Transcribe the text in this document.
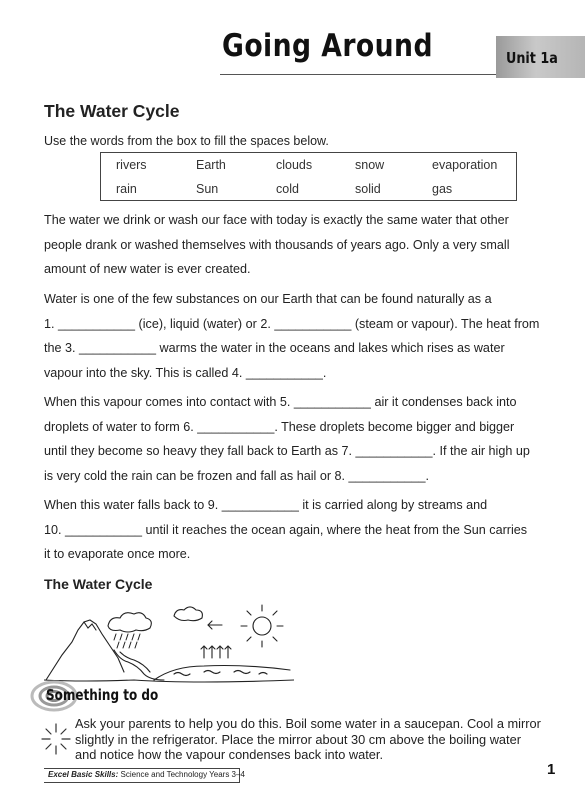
Going Around	Unit 1a
The Water Cycle
Use the words from the box to fill the spaces below.
rivers	Earth	clouds	snow	evaporation
rain	Sun	cold	solid	gas
The water we drink or wash our face with today is exactly the same water that other
people drank or washed themselves with thousands of years ago. Only a very small
amount of new water is ever created.
Water is one of the few substances on our Earth that can be found naturally as a
1. ___________ (ice), liquid (water) or 2. ___________ (steam or vapour). The heat from
the 3. ___________ warms the water in the oceans and lakes which rises as water
vapour into the sky. This is called 4. ___________.
When this vapour comes into contact with 5. ___________ air it condenses back into
droplets of water to form 6. ___________. These droplets become bigger and bigger
until they become so heavy they fall back to Earth as 7. ___________. If the air high up
is very cold the rain can be frozen and fall as hail or 8. ___________.
When this water falls back to 9. ___________ it is carried along by streams and
10. ___________ until it reaches the ocean again, where the heat from the Sun carries
it to evaporate once more.
The Water Cycle
Something to do
Ask your parents to help you do this. Boil some water in a saucepan. Cool a mirror
slightly in the refrigerator. Place the mirror about 30 cm above the boiling water
and notice how the vapour condenses back into water.
Excel Basic Skills: Science and Technology Years 3–4	1
